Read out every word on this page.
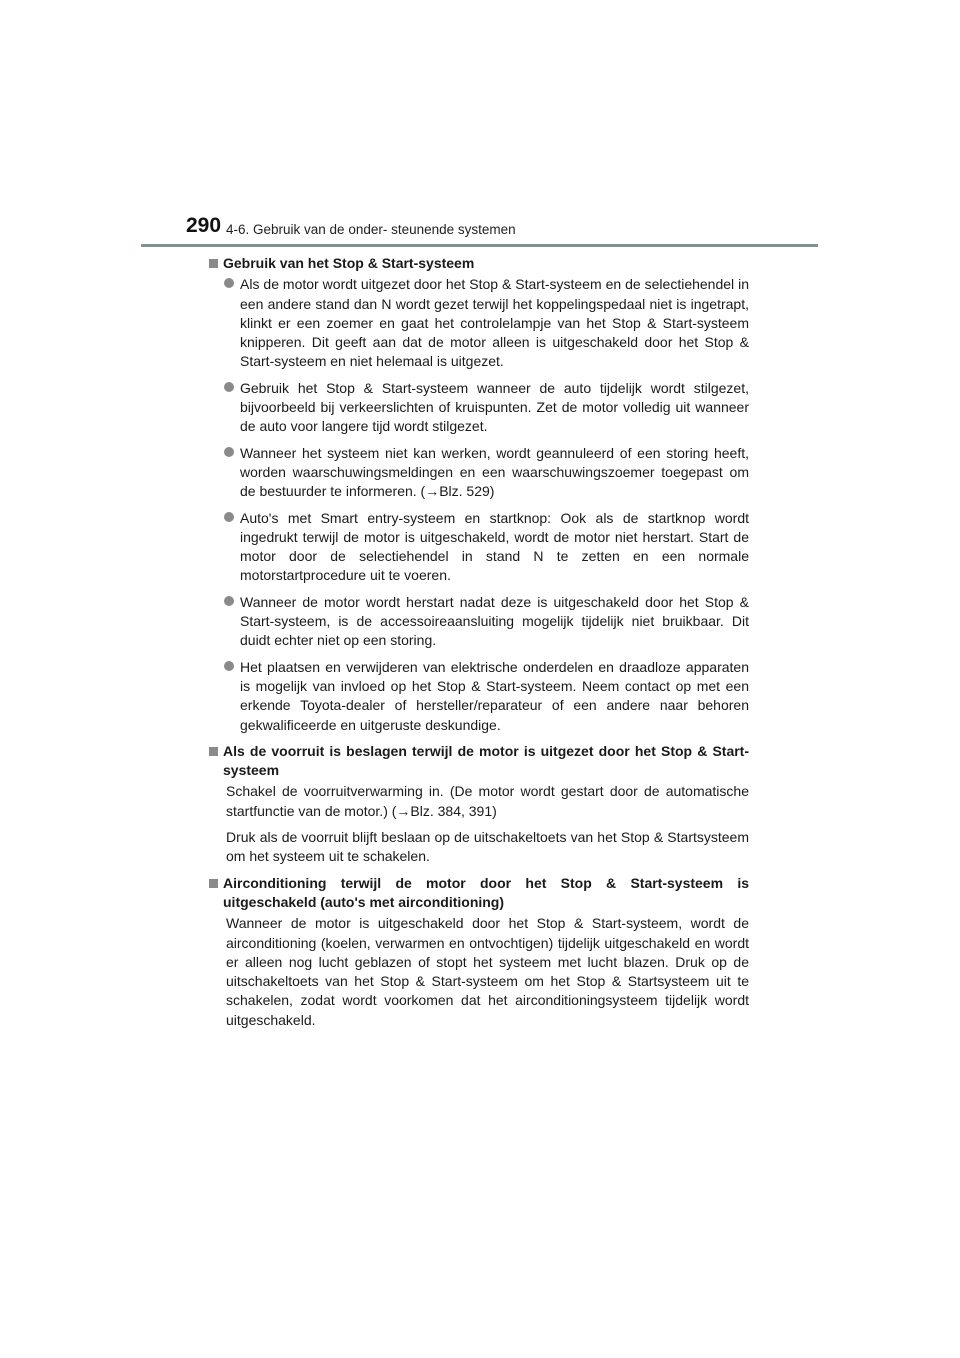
290 4-6. Gebruik van de onder- steunende systemen
Gebruik van het Stop & Start-systeem
Als de motor wordt uitgezet door het Stop & Start-systeem en de selectiehendel in een andere stand dan N wordt gezet terwijl het koppelingspedaal niet is ingetrapt, klinkt er een zoemer en gaat het controlelampje van het Stop & Start-systeem knipperen. Dit geeft aan dat de motor alleen is uitgeschakeld door het Stop & Start-systeem en niet helemaal is uitgezet.
Gebruik het Stop & Start-systeem wanneer de auto tijdelijk wordt stilgezet, bijvoorbeeld bij verkeerslichten of kruispunten. Zet de motor volledig uit wanneer de auto voor langere tijd wordt stilgezet.
Wanneer het systeem niet kan werken, wordt geannuleerd of een storing heeft, worden waarschuwingsmeldingen en een waarschuwingszoemer toegepast om de bestuurder te informeren. (→Blz. 529)
Auto's met Smart entry-systeem en startknop: Ook als de startknop wordt ingedrukt terwijl de motor is uitgeschakeld, wordt de motor niet herstart. Start de motor door de selectiehendel in stand N te zetten en een normale motorstartprocedure uit te voeren.
Wanneer de motor wordt herstart nadat deze is uitgeschakeld door het Stop & Start-systeem, is de accessoireaansluiting mogelijk tijdelijk niet bruikbaar. Dit duidt echter niet op een storing.
Het plaatsen en verwijderen van elektrische onderdelen en draadloze apparaten is mogelijk van invloed op het Stop & Start-systeem. Neem contact op met een erkende Toyota-dealer of hersteller/reparateur of een andere naar behoren gekwalificeerde en uitgeruste deskundige.
Als de voorruit is beslagen terwijl de motor is uitgezet door het Stop & Start-systeem
Schakel de voorruitverwarming in. (De motor wordt gestart door de automatische startfunctie van de motor.) (→Blz. 384, 391)
Druk als de voorruit blijft beslaan op de uitschakeltoets van het Stop & Startsysteem om het systeem uit te schakelen.
Airconditioning terwijl de motor door het Stop & Start-systeem is uitgeschakeld (auto's met airconditioning)
Wanneer de motor is uitgeschakeld door het Stop & Start-systeem, wordt de airconditioning (koelen, verwarmen en ontvochtigen) tijdelijk uitgeschakeld en wordt er alleen nog lucht geblazen of stopt het systeem met lucht blazen. Druk op de uitschakeltoets van het Stop & Start-systeem om het Stop & Startsysteem uit te schakelen, zodat wordt voorkomen dat het airconditioningsysteem tijdelijk wordt uitgeschakeld.
